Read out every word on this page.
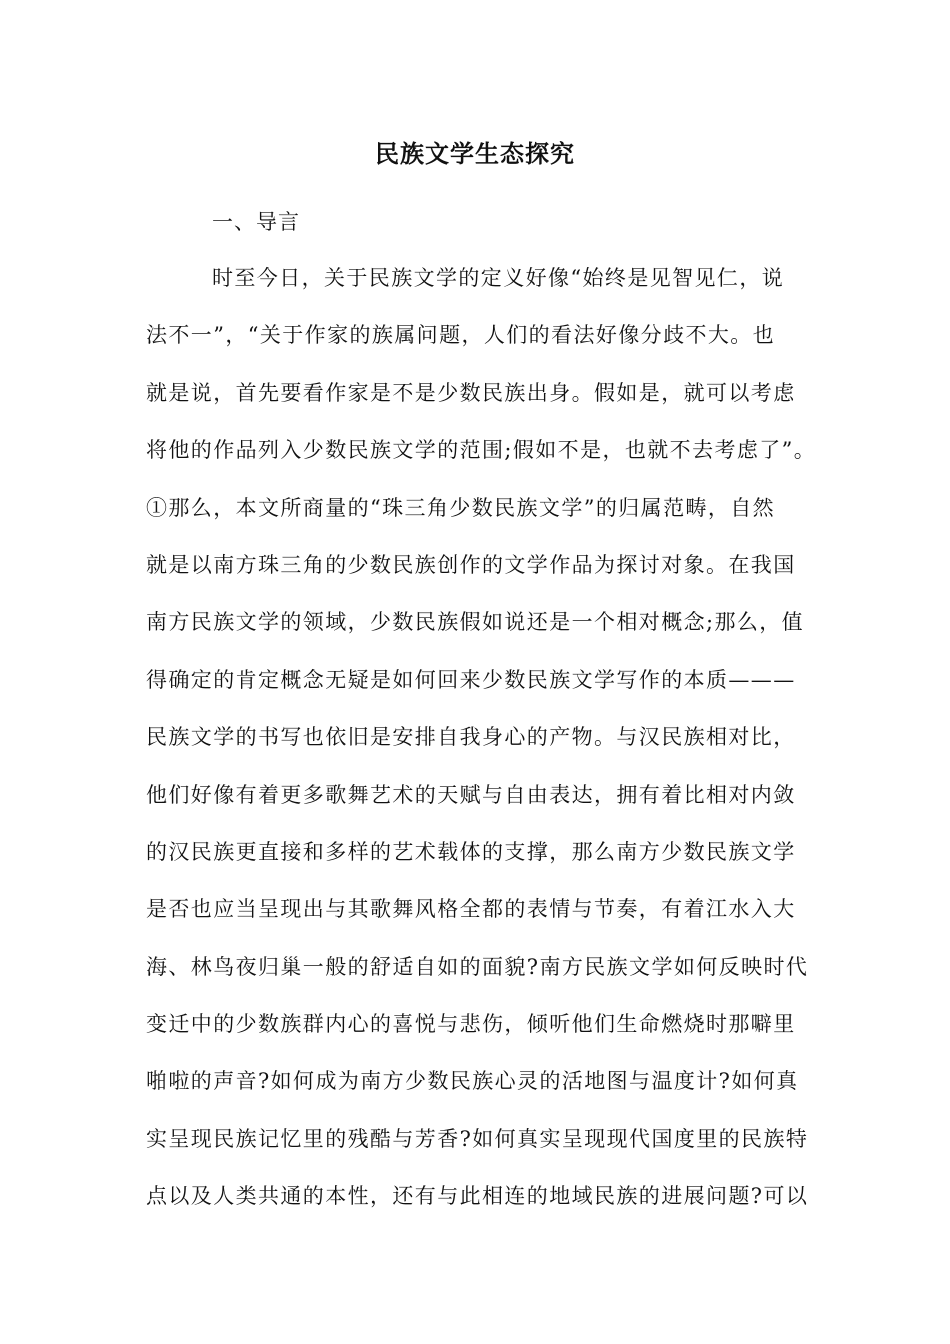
民族文学生态探究
一、导言
时至今日，关于民族文学的定义好像“始终是见智见仁，说
法不一”，“关于作家的族属问题，人们的看法好像分歧不大。也
就是说，首先要看作家是不是少数民族出身。假如是，就可以考虑
将他的作品列入少数民族文学的范围;假如不是，也就不去考虑了”。
①那么，本文所商量的“珠三角少数民族文学”的归属范畴，自然
就是以南方珠三角的少数民族创作的文学作品为探讨对象。在我国
南方民族文学的领域，少数民族假如说还是一个相对概念;那么，值
得确定的肯定概念无疑是如何回来少数民族文学写作的本质———
民族文学的书写也依旧是安排自我身心的产物。与汉民族相对比，
他们好像有着更多歌舞艺术的天赋与自由表达，拥有着比相对内敛
的汉民族更直接和多样的艺术载体的支撑，那么南方少数民族文学
是否也应当呈现出与其歌舞风格全都的表情与节奏，有着江水入大
海、林鸟夜归巢一般的舒适自如的面貌?南方民族文学如何反映时代
变迁中的少数族群内心的喜悦与悲伤，倾听他们生命燃烧时那噼里
啪啦的声音?如何成为南方少数民族心灵的活地图与温度计?如何真
实呈现民族记忆里的残酷与芳香?如何真实呈现现代国度里的民族特
点以及人类共通的本性，还有与此相连的地域民族的进展问题?可以
